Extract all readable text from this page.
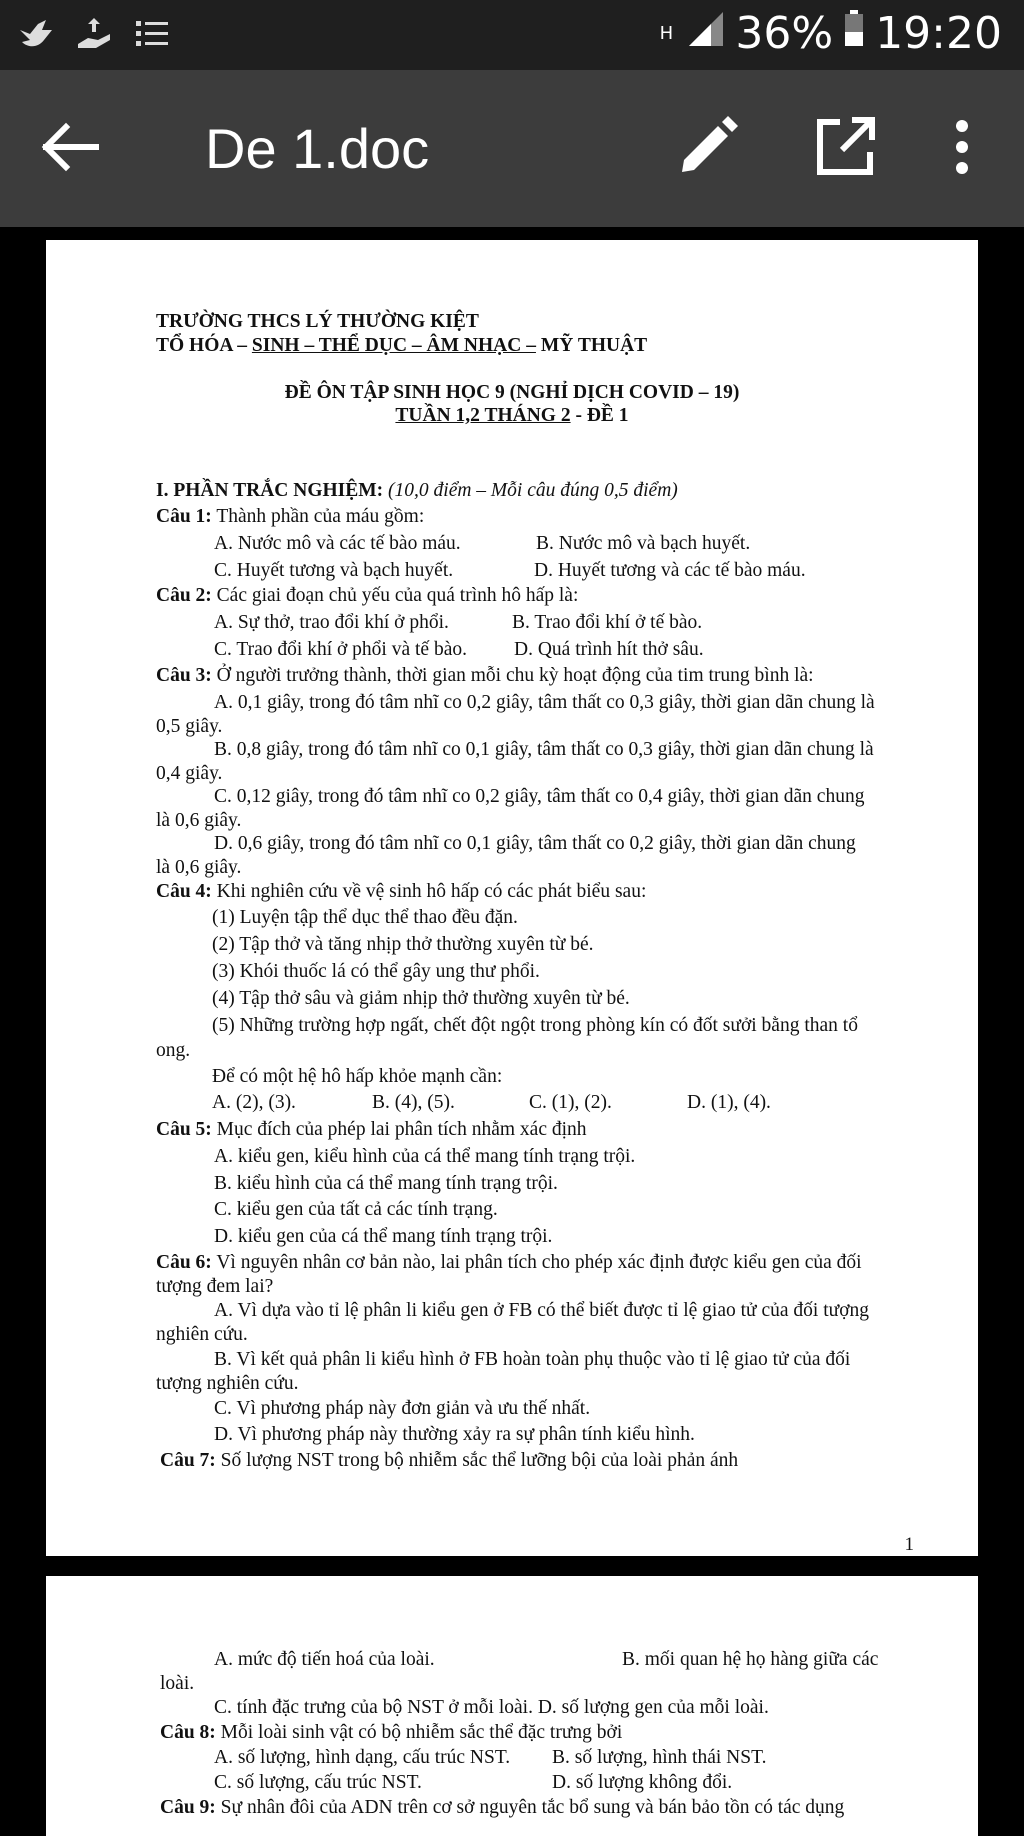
H 36% 19:20
De 1.doc
TRƯỜNG THCS LÝ THƯỜNG KIỆT
TỔ HÓA – SINH – THỂ DỤC – ÂM NHẠC – MỸ THUẬT
ĐỀ ÔN TẬP SINH HỌC 9 (NGHỈ DỊCH COVID – 19)
TUẦN 1,2 THÁNG 2 - ĐỀ 1
I. PHẦN TRẮC NGHIỆM: (10,0 điểm – Mỗi câu đúng 0,5 điểm)
Câu 1: Thành phần của máu gồm:
A. Nước mô và các tế bào máu.	B. Nước mô và bạch huyết.
C. Huyết tương và bạch huyết.	D. Huyết tương và các tế bào máu.
Câu 2: Các giai đoạn chủ yếu của quá trình hô hấp là:
A. Sự thở, trao đổi khí ở phổi.	B. Trao đổi khí ở tế bào.
C. Trao đổi khí ở phổi và tế bào. D. Quá trình hít thở sâu.
Câu 3: Ở người trưởng thành, thời gian mỗi chu kỳ hoạt động của tim trung bình là:
A. 0,1 giây, trong đó tâm nhĩ co 0,2 giây, tâm thất co 0,3 giây, thời gian dãn chung là
0,5 giây.
B. 0,8 giây, trong đó tâm nhĩ co 0,1 giây, tâm thất co 0,3 giây, thời gian dãn chung là
0,4 giây.
C. 0,12 giây, trong đó tâm nhĩ co 0,2 giây, tâm thất co 0,4 giây, thời gian dãn chung
là 0,6 giây.
D. 0,6 giây, trong đó tâm nhĩ co 0,1 giây, tâm thất co 0,2 giây, thời gian dãn chung
là 0,6 giây.
Câu 4: Khi nghiên cứu về vệ sinh hô hấp có các phát biểu sau:
(1) Luyện tập thể dục thể thao đều đặn.
(2) Tập thở và tăng nhịp thở thường xuyên từ bé.
(3) Khói thuốc lá có thể gây ung thư phổi.
(4) Tập thở sâu và giảm nhịp thở thường xuyên từ bé.
(5) Những trường hợp ngất, chết đột ngột trong phòng kín có đốt sưởi bằng than tổ
ong.
Để có một hệ hô hấp khỏe mạnh cần:
A. (2), (3).	B. (4), (5).	C. (1), (2).	D. (1), (4).
Câu 5: Mục đích của phép lai phân tích nhằm xác định
A. kiểu gen, kiểu hình của cá thể mang tính trạng trội.
B. kiểu hình của cá thể mang tính trạng trội.
C. kiểu gen của tất cả các tính trạng.
D. kiểu gen của cá thể mang tính trạng trội.
Câu 6: Vì nguyên nhân cơ bản nào, lai phân tích cho phép xác định được kiểu gen của đối
tượng đem lai?
A. Vì dựa vào tỉ lệ phân li kiểu gen ở FB có thể biết được tỉ lệ giao tử của đối tượng
nghiên cứu.
B. Vì kết quả phân li kiểu hình ở FB hoàn toàn phụ thuộc vào tỉ lệ giao tử của đối
tượng nghiên cứu.
C. Vì phương pháp này đơn giản và ưu thế nhất.
D. Vì phương pháp này thường xảy ra sự phân tính kiểu hình.
Câu 7: Số lượng NST trong bộ nhiễm sắc thể lưỡng bội của loài phản ánh
1
A. mức độ tiến hoá của loài.	B. mối quan hệ họ hàng giữa các
loài.
C. tính đặc trưng của bộ NST ở mỗi loài. D. số lượng gen của mỗi loài.
Câu 8: Mỗi loài sinh vật có bộ nhiễm sắc thể đặc trưng bởi
A. số lượng, hình dạng, cấu trúc NST. B. số lượng, hình thái NST.
C. số lượng, cấu trúc NST.	D. số lượng không đổi.
Câu 9: Sự nhân đôi của ADN trên cơ sở nguyên tắc bổ sung và bán bảo tồn có tác dụng
